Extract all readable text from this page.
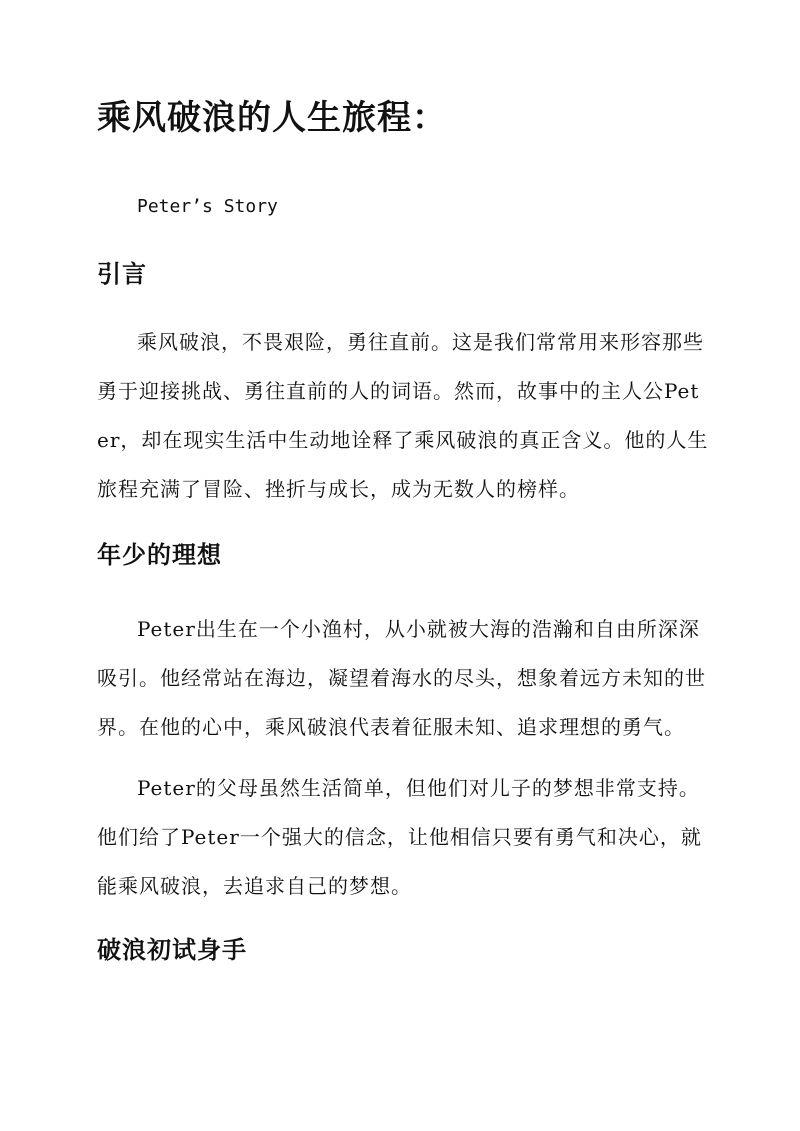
乘风破浪的人生旅程：

Peter’s Story

引言
乘风破浪，不畏艰险，勇往直前。这是我们常常用来形容那些
勇于迎接挑战、勇往直前的人的词语。然而，故事中的主人公Pet
er，却在现实生活中生动地诠释了乘风破浪的真正含义。他的人生
旅程充满了冒险、挫折与成长，成为无数人的榜样。
年少的理想
Peter出生在一个小渔村，从小就被大海的浩瀚和自由所深深
吸引。他经常站在海边，凝望着海水的尽头，想象着远方未知的世
界。在他的心中，乘风破浪代表着征服未知、追求理想的勇气。
Peter的父母虽然生活简单，但他们对儿子的梦想非常支持。
他们给了Peter一个强大的信念，让他相信只要有勇气和决心，就
能乘风破浪，去追求自己的梦想。
破浪初试身手
